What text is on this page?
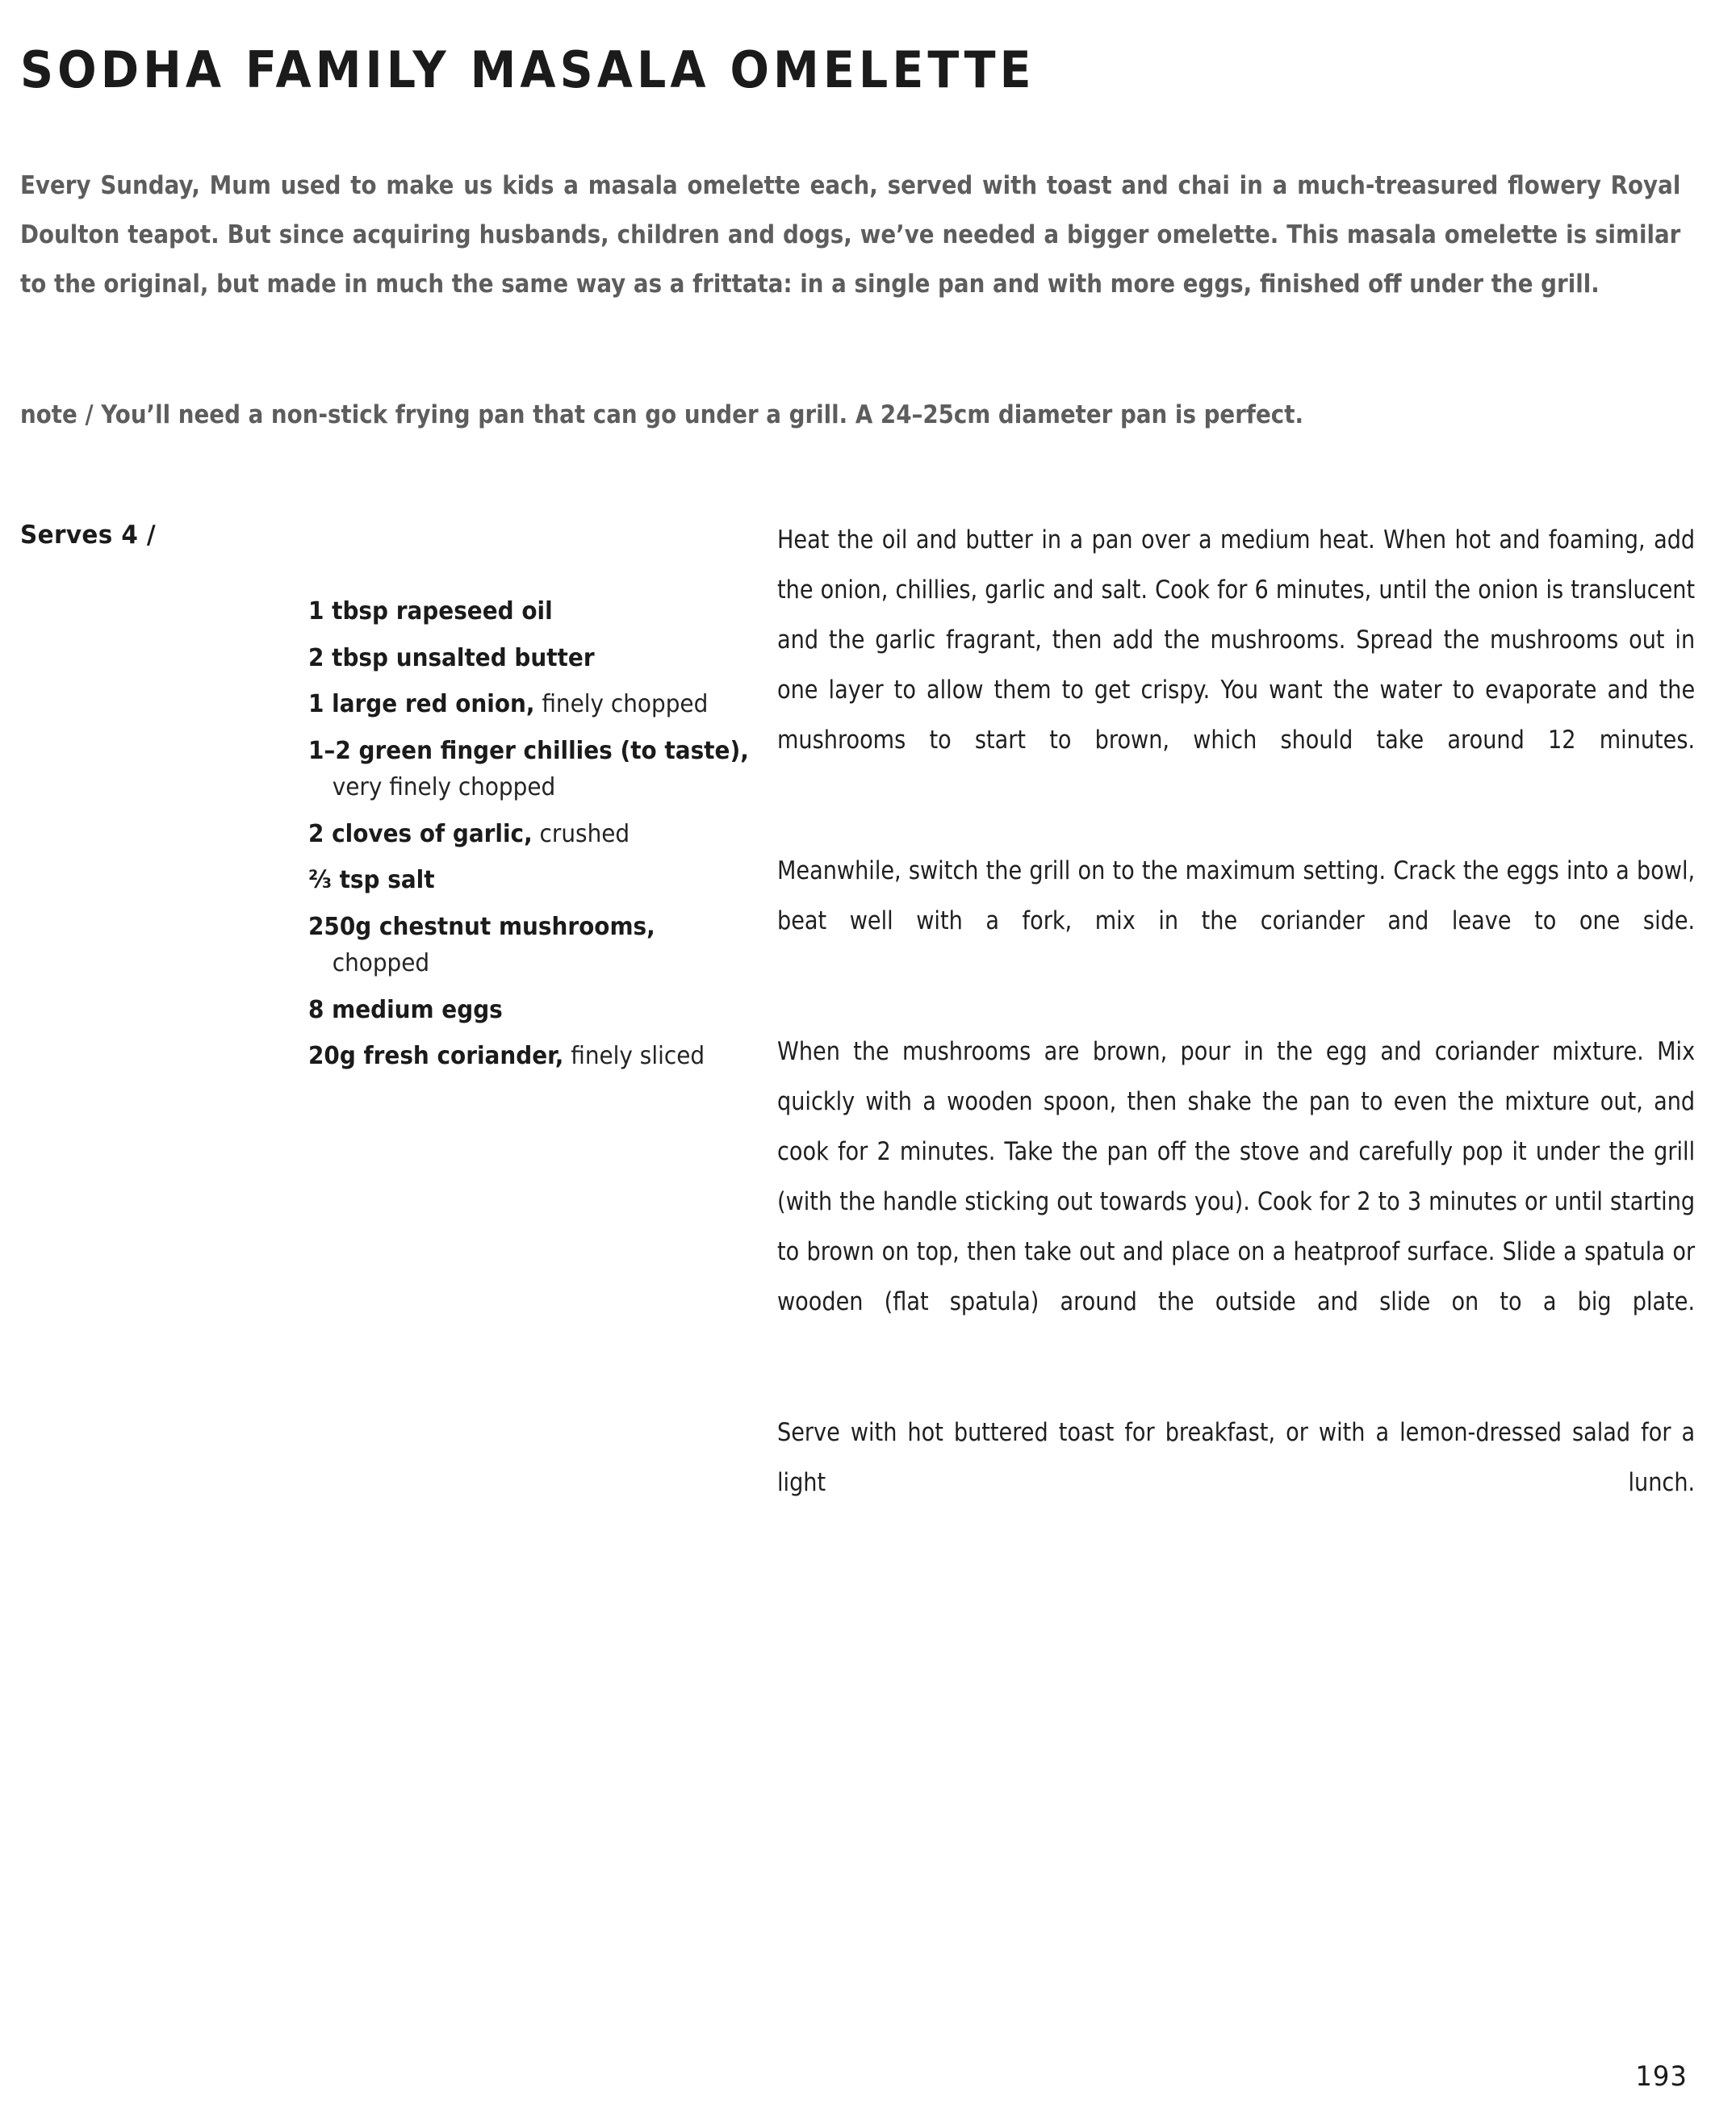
SODHA FAMILY MASALA OMELETTE

Every Sunday, Mum used to make us kids a masala omelette each, served with toast and chai in a much-treasured flowery Royal Doulton teapot. But since acquiring husbands, children and dogs, we’ve needed a bigger omelette. This masala omelette is similar to the original, but made in much the same way as a frittata: in a single pan and with more eggs, finished off under the grill.

note / You’ll need a non-stick frying pan that can go under a grill. A 24–25cm diameter pan is perfect.

Serves 4 /
1 tbsp rapeseed oil
2 tbsp unsalted butter
1 large red onion, finely chopped
1–2 green finger chillies (to taste), very finely chopped
2 cloves of garlic, crushed
⅔ tsp salt
250g chestnut mushrooms, chopped
8 medium eggs
20g fresh coriander, finely sliced

Heat the oil and butter in a pan over a medium heat. When hot and foaming, add the onion, chillies, garlic and salt. Cook for 6 minutes, until the onion is translucent and the garlic fragrant, then add the mushrooms. Spread the mushrooms out in one layer to allow them to get crispy. You want the water to evaporate and the mushrooms to start to brown, which should take around 12 minutes.

Meanwhile, switch the grill on to the maximum setting. Crack the eggs into a bowl, beat well with a fork, mix in the coriander and leave to one side.

When the mushrooms are brown, pour in the egg and coriander mixture. Mix quickly with a wooden spoon, then shake the pan to even the mixture out, and cook for 2 minutes. Take the pan off the stove and carefully pop it under the grill (with the handle sticking out towards you). Cook for 2 to 3 minutes or until starting to brown on top, then take out and place on a heatproof surface. Slide a spatula or wooden (flat spatula) around the outside and slide on to a big plate.

Serve with hot buttered toast for breakfast, or with a lemon-dressed salad for a light lunch.

193
